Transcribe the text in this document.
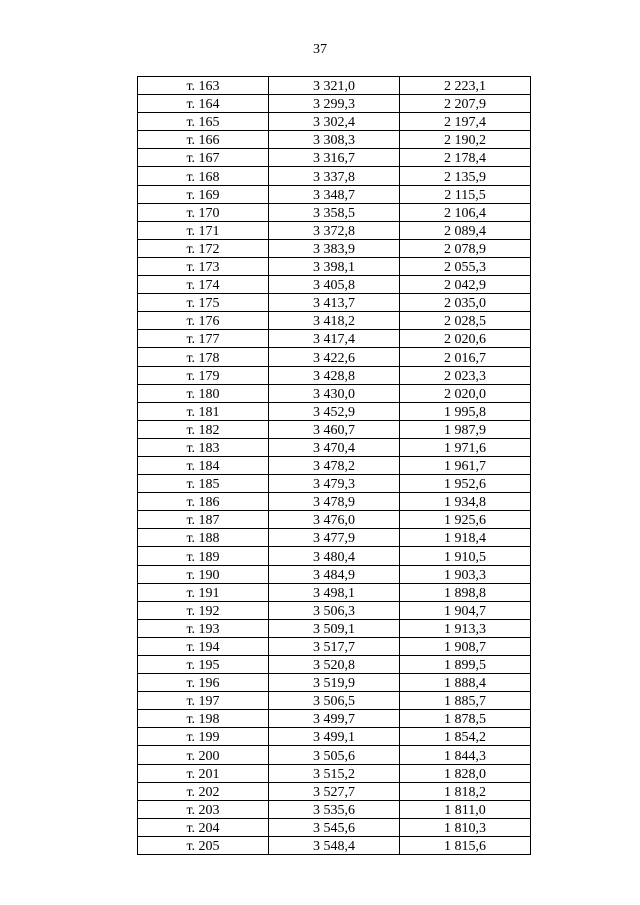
37
т. 163	3 321,0	2 223,1
т. 164	3 299,3	2 207,9
т. 165	3 302,4	2 197,4
т. 166	3 308,3	2 190,2
т. 167	3 316,7	2 178,4
т. 168	3 337,8	2 135,9
т. 169	3 348,7	2 115,5
т. 170	3 358,5	2 106,4
т. 171	3 372,8	2 089,4
т. 172	3 383,9	2 078,9
т. 173	3 398,1	2 055,3
т. 174	3 405,8	2 042,9
т. 175	3 413,7	2 035,0
т. 176	3 418,2	2 028,5
т. 177	3 417,4	2 020,6
т. 178	3 422,6	2 016,7
т. 179	3 428,8	2 023,3
т. 180	3 430,0	2 020,0
т. 181	3 452,9	1 995,8
т. 182	3 460,7	1 987,9
т. 183	3 470,4	1 971,6
т. 184	3 478,2	1 961,7
т. 185	3 479,3	1 952,6
т. 186	3 478,9	1 934,8
т. 187	3 476,0	1 925,6
т. 188	3 477,9	1 918,4
т. 189	3 480,4	1 910,5
т. 190	3 484,9	1 903,3
т. 191	3 498,1	1 898,8
т. 192	3 506,3	1 904,7
т. 193	3 509,1	1 913,3
т. 194	3 517,7	1 908,7
т. 195	3 520,8	1 899,5
т. 196	3 519,9	1 888,4
т. 197	3 506,5	1 885,7
т. 198	3 499,7	1 878,5
т. 199	3 499,1	1 854,2
т. 200	3 505,6	1 844,3
т. 201	3 515,2	1 828,0
т. 202	3 527,7	1 818,2
т. 203	3 535,6	1 811,0
т. 204	3 545,6	1 810,3
т. 205	3 548,4	1 815,6
